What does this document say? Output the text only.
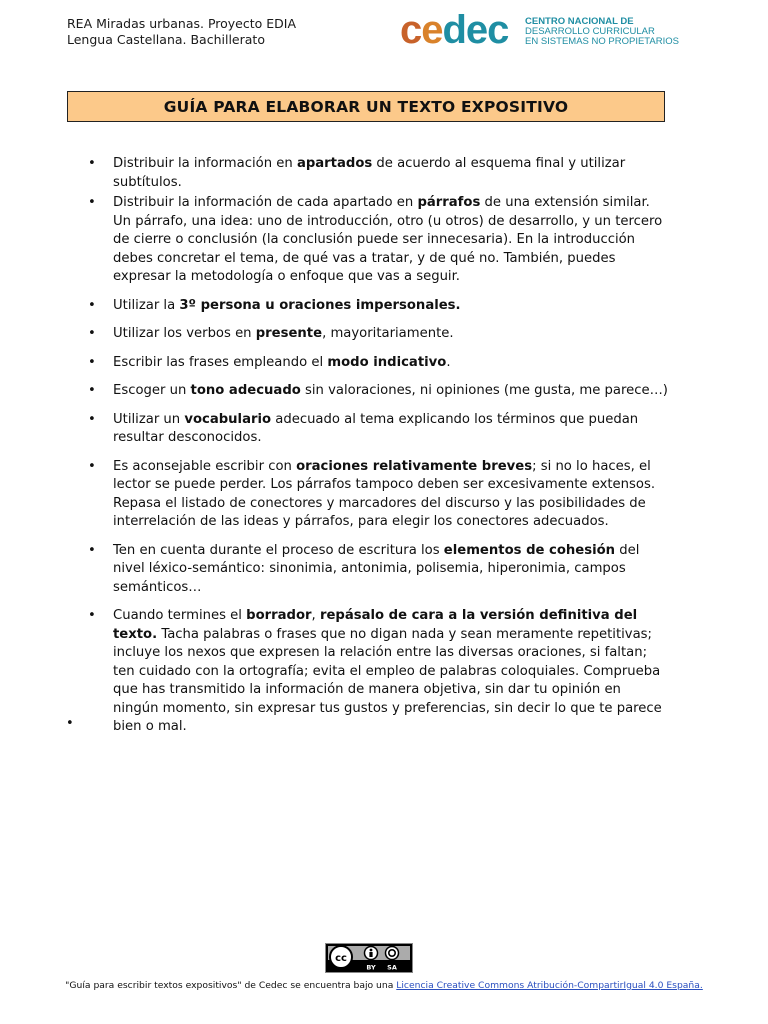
REA Miradas urbanas. Proyecto EDIA
Lengua Castellana. Bachillerato	cedec CENTRO NACIONAL DE
DESARROLLO CURRICULAR
EN SISTEMAS NO PROPIETARIOS
GUÍA PARA ELABORAR UN TEXTO EXPOSITIVO
• Distribuir la información en apartados de acuerdo al esquema final y utilizar subtítulos.
• Distribuir la información de cada apartado en párrafos de una extensión similar. Un párrafo, una idea: uno de introducción, otro (u otros) de desarrollo, y un tercero de cierre o conclusión (la conclusión puede ser innecesaria). En la introducción debes concretar el tema, de qué vas a tratar, y de qué no. También, puedes expresar la metodología o enfoque que vas a seguir.
• Utilizar la 3º persona u oraciones impersonales.
• Utilizar los verbos en presente, mayoritariamente.
• Escribir las frases empleando el modo indicativo.
• Escoger un tono adecuado sin valoraciones, ni opiniones (me gusta, me parece…)
• Utilizar un vocabulario adecuado al tema explicando los términos que puedan resultar desconocidos.
• Es aconsejable escribir con oraciones relativamente breves; si no lo haces, el lector se puede perder. Los párrafos tampoco deben ser excesivamente extensos. Repasa el listado de conectores y marcadores del discurso y las posibilidades de interrelación de las ideas y párrafos, para elegir los conectores adecuados.
• Ten en cuenta durante el proceso de escritura los elementos de cohesión del nivel léxico-semántico: sinonimia, antonimia, polisemia, hiperonimia, campos semánticos…
• Cuando termines el borrador, repásalo de cara a la versión definitiva del texto. Tacha palabras o frases que no digan nada y sean meramente repetitivas; incluye los nexos que expresen la relación entre las diversas oraciones, si faltan; ten cuidado con la ortografía; evita el empleo de palabras coloquiales. Comprueba que has transmitido la información de manera objetiva, sin dar tu opinión en ningún momento, sin expresar tus gustos y preferencias, sin decir lo que te parece bien o mal.
•
cc
BY SA
"Guía para escribir textos expositivos" de Cedec se encuentra bajo una Licencia Creative Commons Atribución-CompartirIgual 4.0 España.
